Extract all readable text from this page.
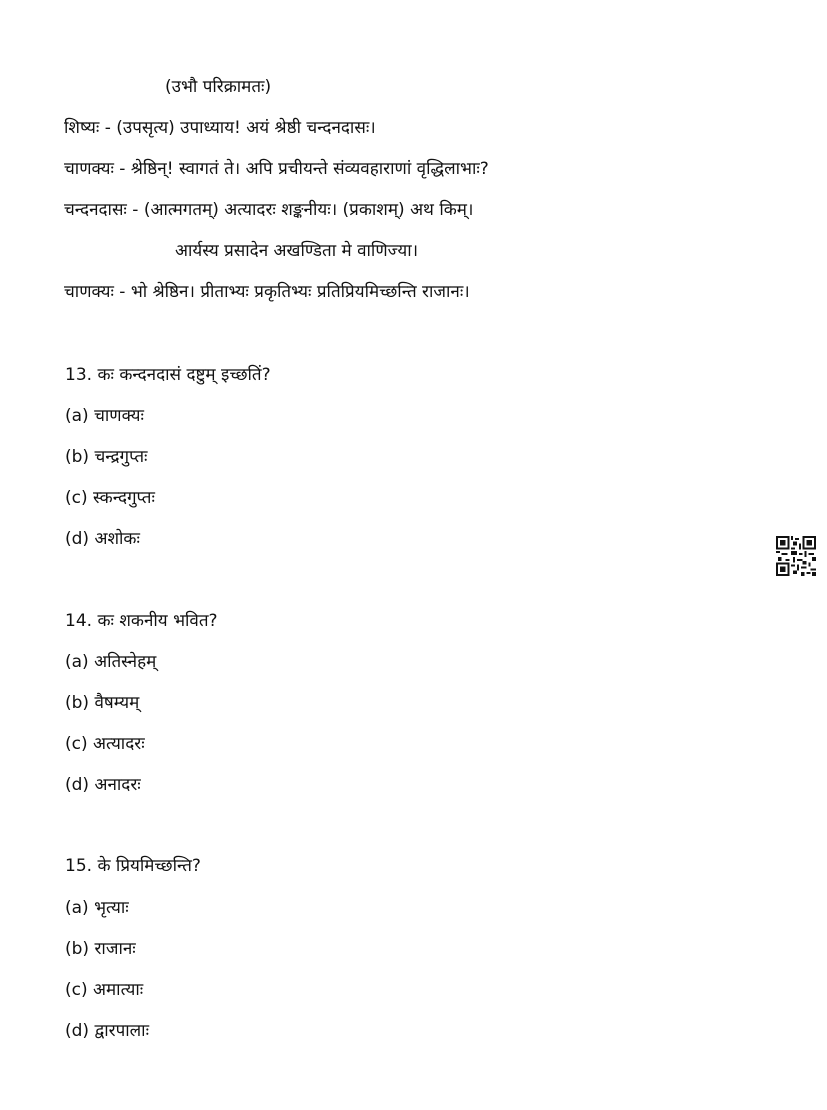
(उभौ परिक्रामतः)
शिष्यः - (उपसृत्य) उपाध्याय! अयं श्रेष्ठी चन्दनदासः।
चाणक्यः - श्रेष्ठिन्! स्वागतं ते। अपि प्रचीयन्ते संव्यवहाराणां वृद्धिलाभाः?
चन्दनदासः - (आत्मगतम्) अत्यादरः शङ्कनीयः। (प्रकाशम्) अथ किम्।
आर्यस्य प्रसादेन अखण्डिता मे वाणिज्या।
चाणक्यः - भो श्रेष्ठिन। प्रीताभ्यः प्रकृतिभ्यः प्रतिप्रियमिच्छन्ति राजानः।
13. कः कन्दनदासं दष्टुम् इच्छतिं?
(a) चाणक्यः
(b) चन्द्रगुप्तः
(c) स्कन्दगुप्तः
(d) अशोकः
14. कः शकनीय भवित?
(a) अतिस्नेहम्
(b) वैषम्यम्
(c) अत्यादरः
(d) अनादरः
15. के प्रियमिच्छन्ति?
(a) भृत्याः
(b) राजानः
(c) अमात्याः
(d) द्वारपालाः
